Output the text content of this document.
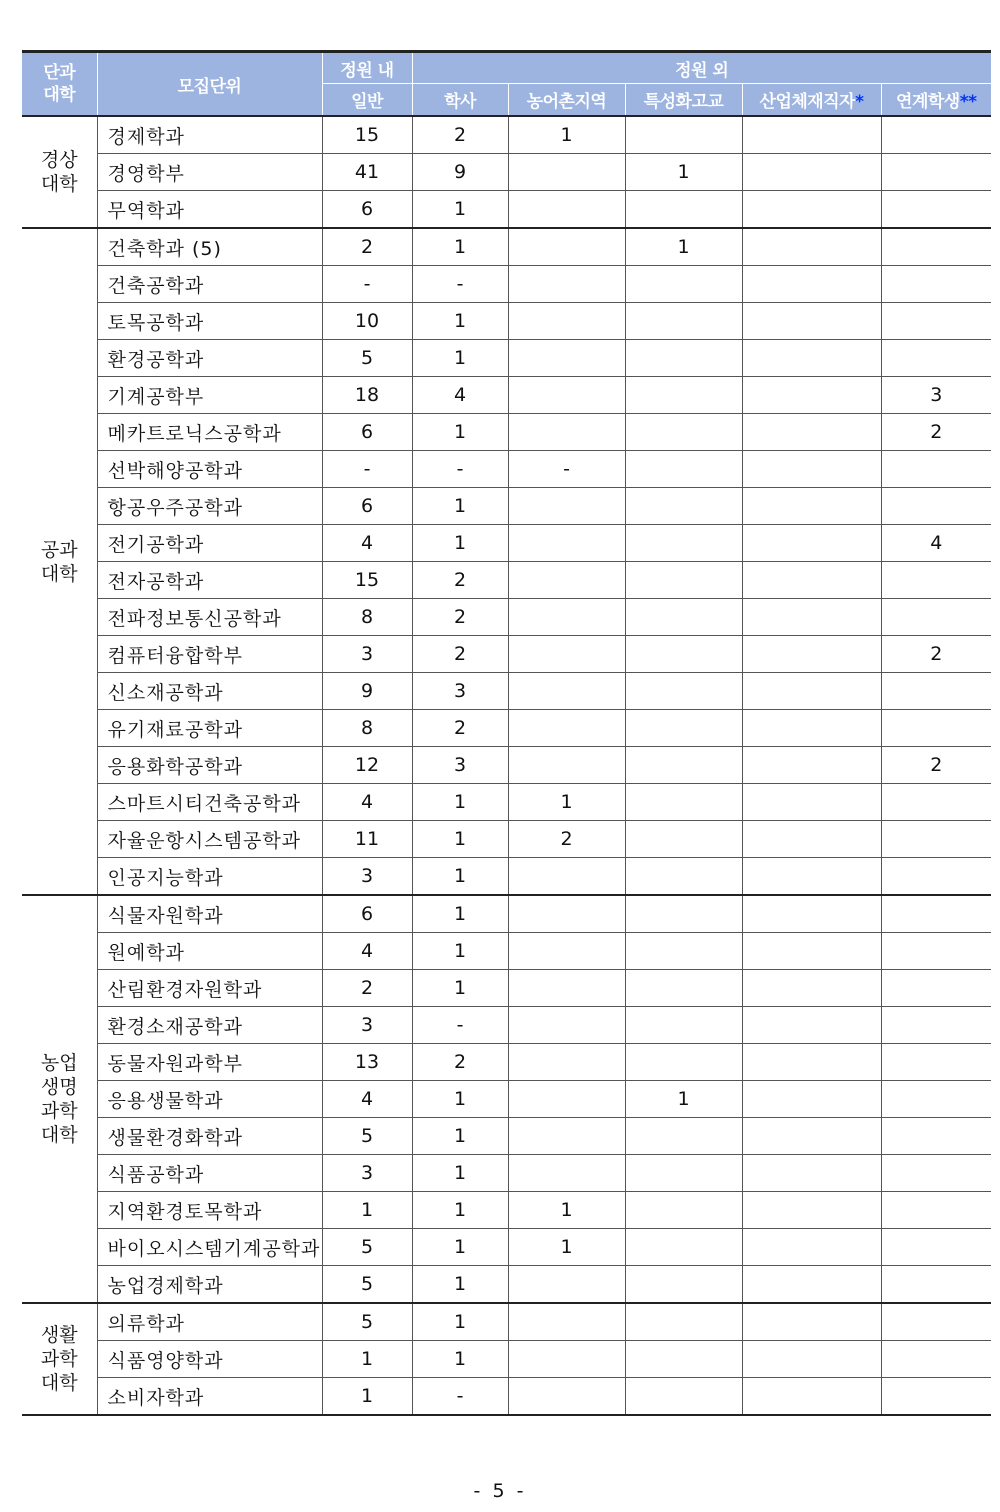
단과
대학	모집단위	정원 내	정원 외				
		일반	학사	농어촌지역	특성화고교	산업체재직자*	연계학생**
경상
대학	경제학과	15	2	1			
	경영학부	41	9		1		
	무역학과	6	1				
공과
대학	건축학과 (5)	2	1		1		
	건축공학과	-	-				
	토목공학과	10	1				
	환경공학과	5	1				
	기계공학부	18	4				3
	메카트로닉스공학과	6	1				2
	선박해양공학과	-	-	-			
	항공우주공학과	6	1				
	전기공학과	4	1				4
	전자공학과	15	2				
	전파정보통신공학과	8	2				
	컴퓨터융합학부	3	2				2
	신소재공학과	9	3				
	유기재료공학과	8	2				
	응용화학공학과	12	3				2
	스마트시티건축공학과	4	1	1			
	자율운항시스템공학과	11	1	2			
	인공지능학과	3	1				
농업
생명
과학
대학	식물자원학과	6	1				
	원예학과	4	1				
	산림환경자원학과	2	1				
	환경소재공학과	3	-				
	동물자원과학부	13	2				
	응용생물학과	4	1		1		
	생물환경화학과	5	1				
	식품공학과	3	1				
	지역환경토목학과	1	1	1			
	바이오시스템기계공학과	5	1	1			
	농업경제학과	5	1				
생활
과학
대학	의류학과	5	1				
	식품영양학과	1	1				
	소비자학과	1	-				
- 5 -
